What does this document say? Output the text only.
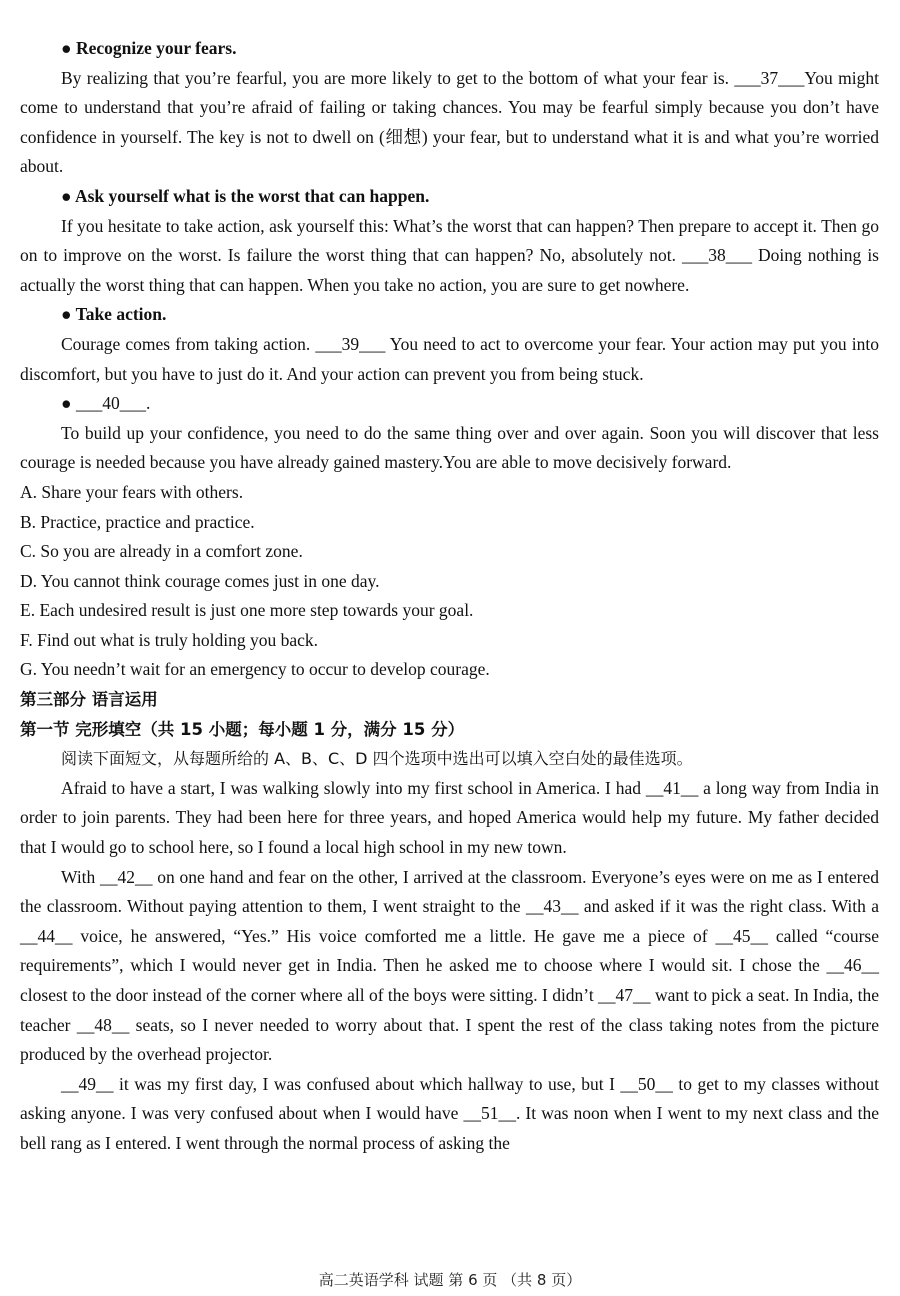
● Recognize your fears.

By realizing that you’re fearful, you are more likely to get to the bottom of what your fear is. ___37___You might come to understand that you’re afraid of failing or taking chances. You may be fearful simply because you don’t have confidence in yourself. The key is not to dwell on (细想) your fear, but to understand what it is and what you’re worried about.

● Ask yourself what is the worst that can happen.

If you hesitate to take action, ask yourself this: What’s the worst that can happen? Then prepare to accept it. Then go on to improve on the worst. Is failure the worst thing that can happen? No, absolutely not. ___38___ Doing nothing is actually the worst thing that can happen. When you take no action, you are sure to get nowhere.

● Take action.

Courage comes from taking action. ___39___ You need to act to overcome your fear. Your action may put you into discomfort, but you have to just do it. And your action can prevent you from being stuck.

● ___40___.

To build up your confidence, you need to do the same thing over and over again. Soon you will discover that less courage is needed because you have already gained mastery.You are able to move decisively forward.

A. Share your fears with others.

B. Practice, practice and practice.

C. So you are already in a comfort zone.

D. You cannot think courage comes just in one day.

E. Each undesired result is just one more step towards your goal.

F. Find out what is truly holding you back.

G. You needn’t wait for an emergency to occur to develop courage.

第三部分 语言运用

第一节 完形填空（共 15 小题；每小题 1 分，满分 15 分）

阅读下面短文，从每题所给的 A、B、C、D 四个选项中选出可以填入空白处的最佳选项。

Afraid to have a start, I was walking slowly into my first school in America. I had __41__ a long way from India in order to join parents. They had been here for three years, and hoped America would help my future. My father decided that I would go to school here, so I found a local high school in my new town.

With __42__ on one hand and fear on the other, I arrived at the classroom. Everyone’s eyes were on me as I entered the classroom. Without paying attention to them, I went straight to the __43__ and asked if it was the right class. With a __44__ voice, he answered, “Yes.” His voice comforted me a little. He gave me a piece of __45__ called “course requirements”, which I would never get in India. Then he asked me to choose where I would sit. I chose the __46__ closest to the door instead of the corner where all of the boys were sitting. I didn’t __47__ want to pick a seat. In India, the teacher __48__ seats, so I never needed to worry about that. I spent the rest of the class taking notes from the picture produced by the overhead projector.

__49__ it was my first day, I was confused about which hallway to use, but I __50__ to get to my classes without asking anyone. I was very confused about when I would have __51__. It was noon when I went to my next class and the bell rang as I entered. I went through the normal process of asking the

高二英语学科 试题 第 6 页 （共 8 页）
